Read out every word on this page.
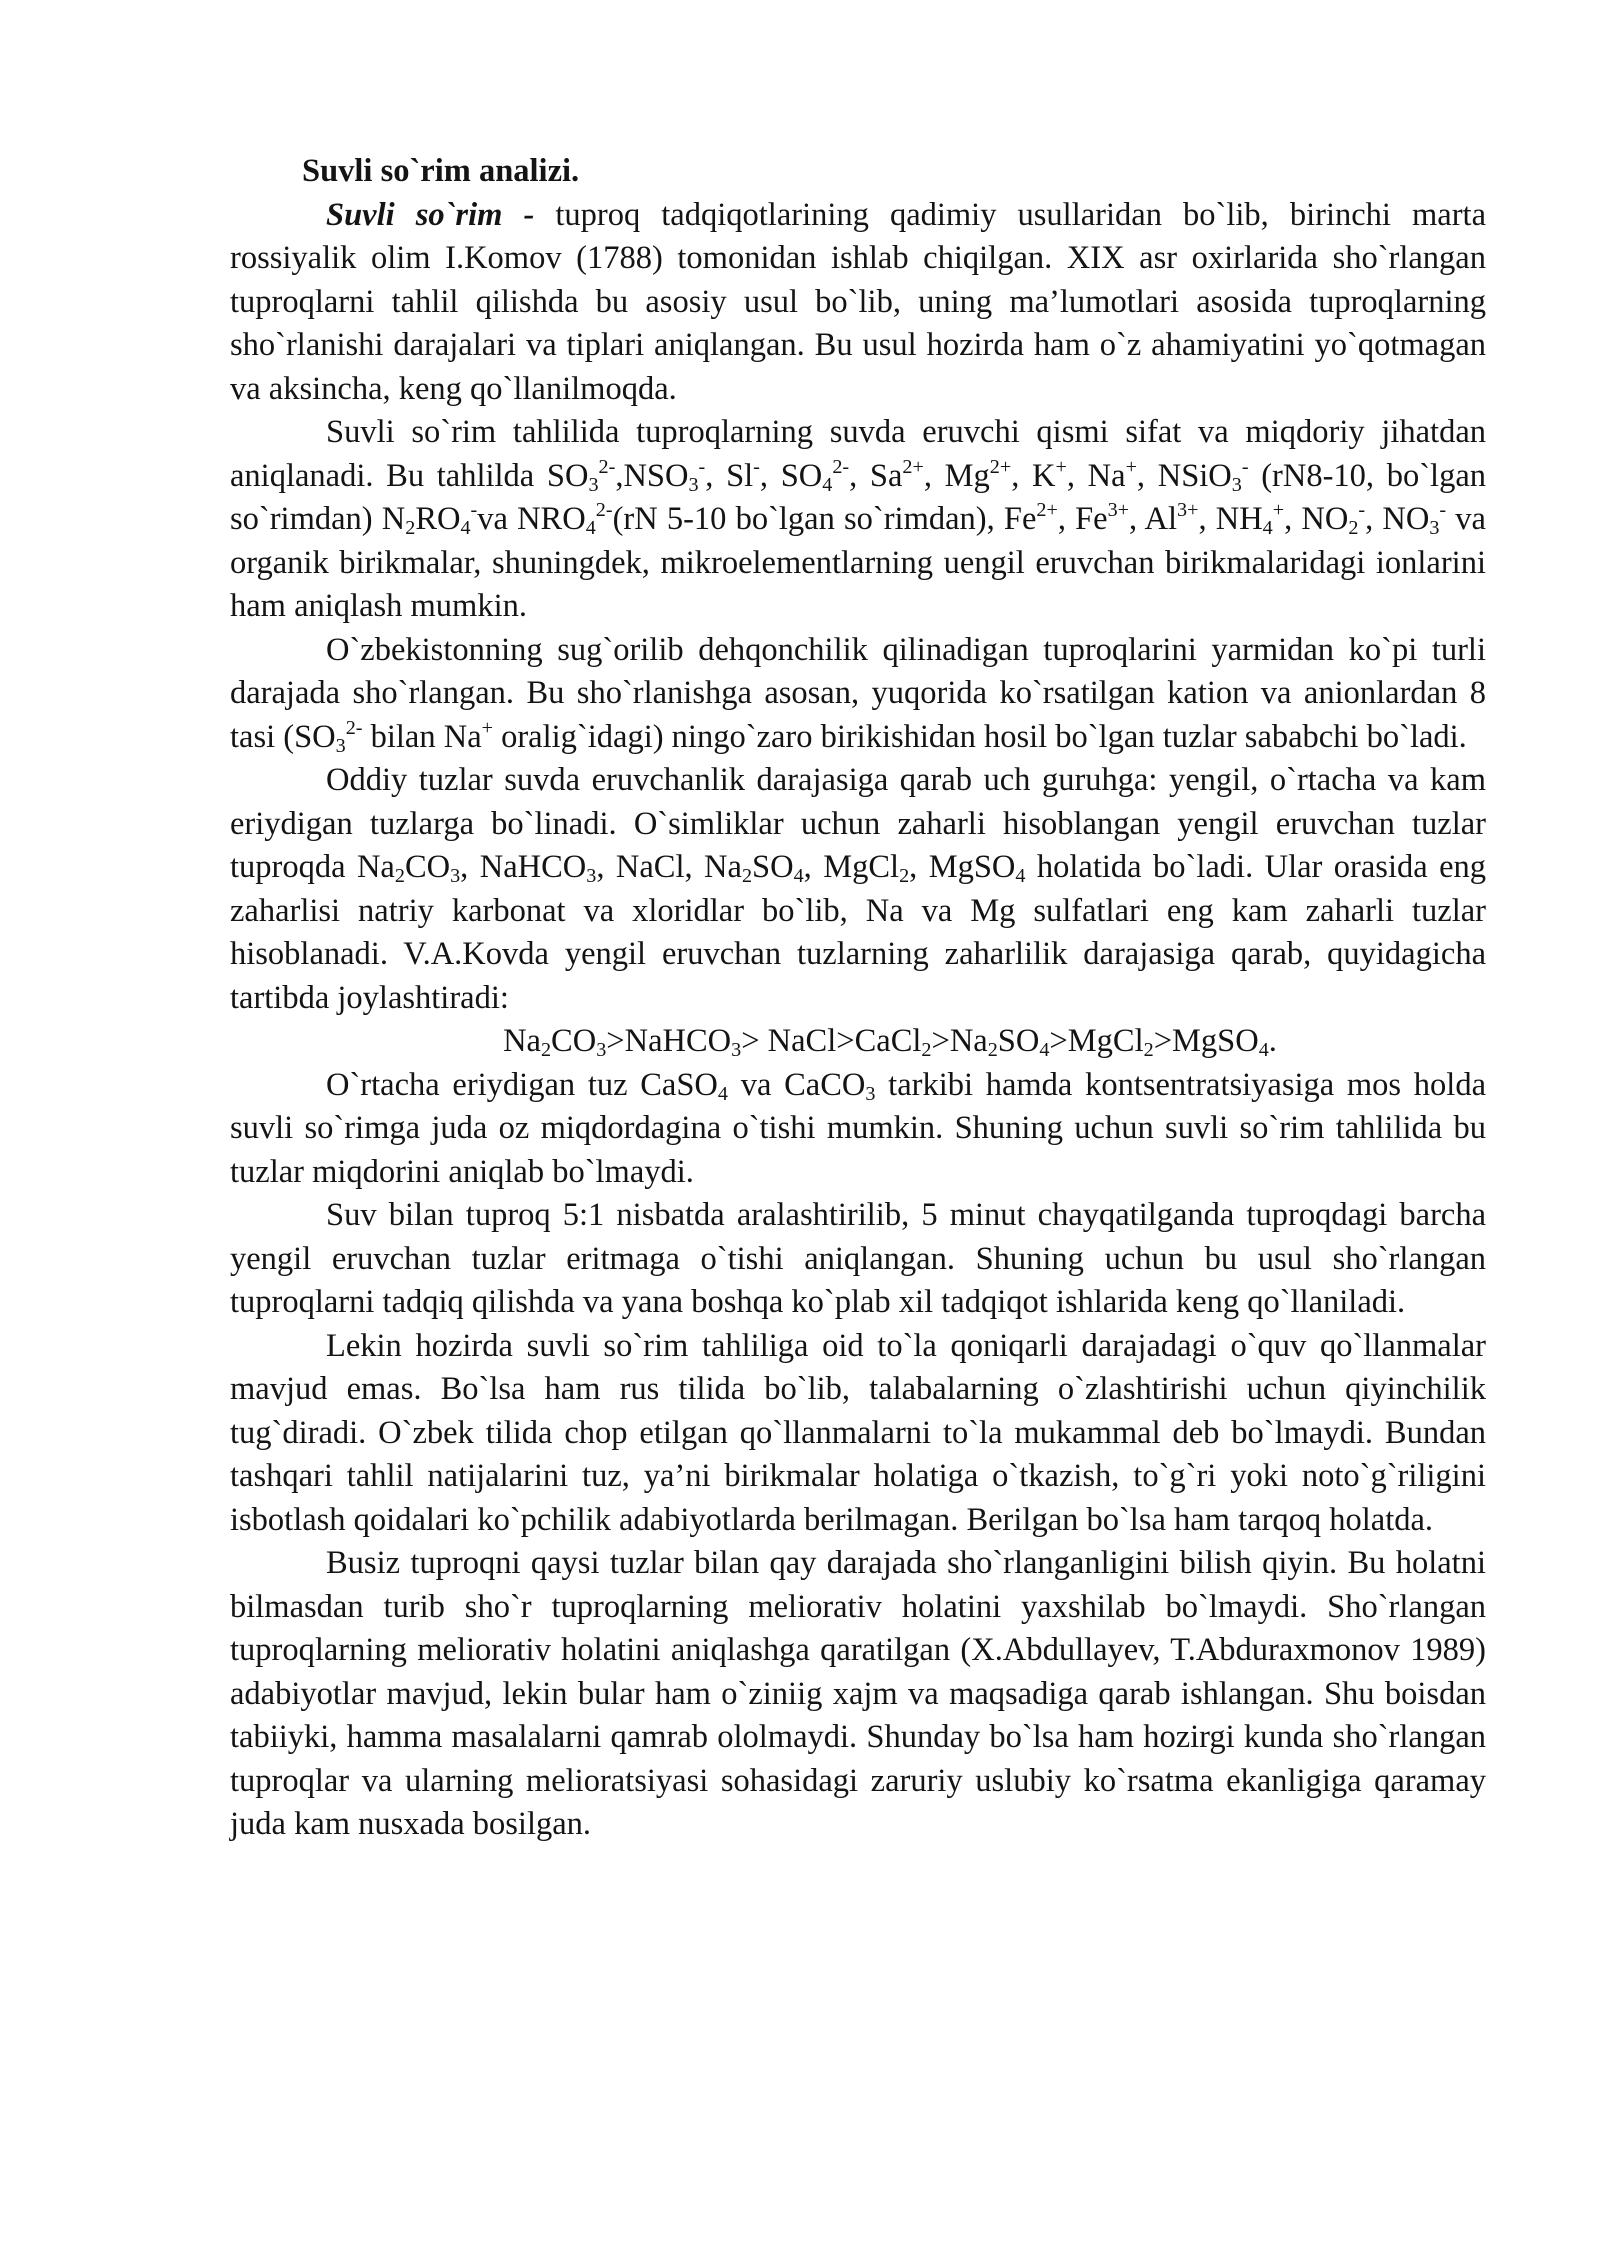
Suvli so`rim analizi.

Suvli so`rim - tuproq tadqiqotlarining qadimiy usullaridan bo`lib, birinchi marta rossiyalik olim I.Komov (1788) tomonidan ishlab chiqilgan. XIX asr oxirlarida sho`rlangan tuproqlarni tahlil qilishda bu asosiy usul bo`lib, uning ma’lumotlari asosida tuproqlarning sho`rlanishi darajalari va tiplari aniqlangan. Bu usul hozirda ham o`z ahamiyatini yo`qotmagan va aksincha, keng qo`llanilmoqda.

Suvli so`rim tahlilida tuproqlarning suvda eruvchi qismi sifat va miqdoriy jihatdan aniqlanadi. Bu tahlilda $SO_3^{2-},NSO_3^-$, Sl-, $SO_4^{2-}$, $Sa^{2+}$, $Mg^{2+}$, K+, Na+, NSiO$_3$- (rN8-10, bo`lgan so`rimdan) $N_2RO_4^-va$ $NRO_4^{2-}(rN$ 5-10 bo`lgan so`rimdan), $Fe^{2+}$, $Fe^{3+}$, $Al^{3+}$, $NH_4^+$, $NO_2^-$, $NO_3^-$ va organik birikmalar, shuningdek, mikroelementlarning uengil eruvchan birikmalaridagi ionlarini ham aniqlash mumkin.

O`zbekistonning sug`orilib dehqonchilik qilinadigan tuproqlarini yarmidan ko`pi turli darajada sho`rlangan. Bu sho`rlanishga asosan, yuqorida ko`rsatilgan kation va anionlardan 8 tasi ($SO_3^{2-}$ bilan Na+ oralig`idagi) ningo`zaro birikishidan hosil bo`lgan tuzlar sababchi bo`ladi.

Oddiy tuzlar suvda eruvchanlik darajasiga qarab uch guruhga: yengil, o`rtacha va kam eriydigan tuzlarga bo`linadi. O`simliklar uchun zaharli hisoblangan yengil eruvchan tuzlar tuproqda $Na_2CO_3$, NaHCO$_3$, NaCl, $Na_2SO_4$, MgCl$_2$, MgSO$_4$ holatida bo`ladi. Ular orasida eng zaharlisi natriy karbonat va xloridlar bo`lib, Na va Mg sulfatlari eng kam zaharli tuzlar hisoblanadi. V.A.Kovda yengil eruvchan tuzlarning zaharlilik darajasiga qarab, quyidagicha tartibda joylashtiradi:

$Na_2CO_3>NaHCO_3>$ $NaCl>CaCl_2>Na_2SO_4>MgCl_2>MgSO_4$.

O`rtacha eriydigan tuz CaSO$_4$ va CaCO$_3$ tarkibi hamda kontsentratsiyasiga mos holda suvli so`rimga juda oz miqdordagina o`tishi mumkin. Shuning uchun suvli so`rim tahlilida bu tuzlar miqdorini aniqlab bo`lmaydi.

Suv bilan tuproq 5:1 nisbatda aralashtirilib, 5 minut chayqatilganda tuproqdagi barcha yengil eruvchan tuzlar eritmaga o`tishi aniqlangan. Shuning uchun bu usul sho`rlangan tuproqlarni tadqiq qilishda va yana boshqa ko`plab xil tadqiqot ishlarida keng qo`llaniladi.

Lekin hozirda suvli so`rim tahliliga oid to`la qoniqarli darajadagi o`quv qo`llanmalar mavjud emas. Bo`lsa ham rus tilida bo`lib, talabalarning o`zlashtirishi uchun qiyinchilik tug`diradi. O`zbek tilida chop etilgan qo`llanmalarni to`la mukammal deb bo`lmaydi. Bundan tashqari tahlil natijalarini tuz, ya’ni birikmalar holatiga o`tkazish, to`g`ri yoki noto`g`riligini isbotlash qoidalari ko`pchilik adabiyotlarda berilmagan. Berilgan bo`lsa ham tarqoq holatda.

Busiz tuproqni qaysi tuzlar bilan qay darajada sho`rlanganligini bilish qiyin. Bu holatni bilmasdan turib sho`r tuproqlarning meliorativ holatini yaxshilab bo`lmaydi. Sho`rlangan tuproqlarning meliorativ holatini aniqlashga qaratilgan (X.Abdullayev, T.Abduraxmonov 1989) adabiyotlar mavjud, lekin bular ham o`ziniig xajm va maqsadiga qarab ishlangan. Shu boisdan tabiiyki, hamma masalalarni qamrab ololmaydi. Shunday bo`lsa ham hozirgi kunda sho`rlangan tuproqlar va ularning melioratsiyasi sohasidagi zaruriy uslubiy ko`rsatma ekanligiga qaramay juda kam nusxada bosilgan.
